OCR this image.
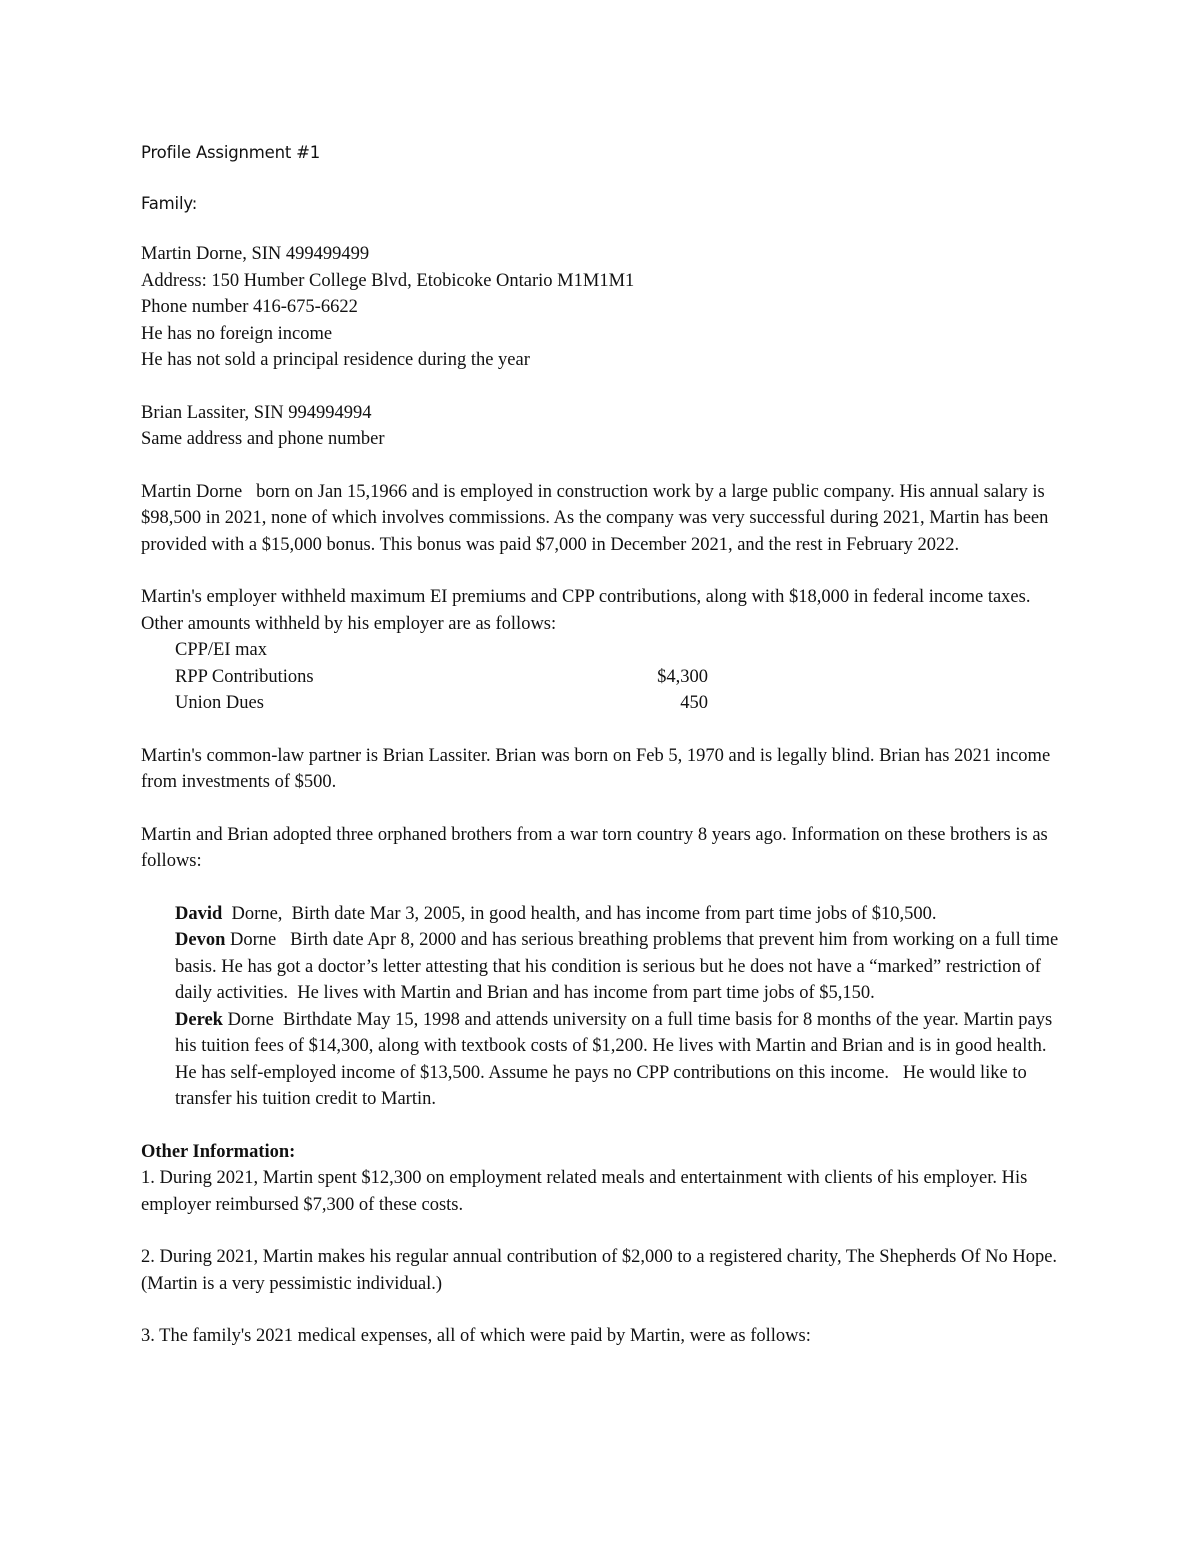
Profile Assignment #1
Family:
Martin Dorne, SIN 499499499
Address: 150 Humber College Blvd, Etobicoke Ontario M1M1M1
Phone number 416-675-6622
He has no foreign income
He has not sold a principal residence during the year
Brian Lassiter, SIN 994994994
Same address and phone number

Martin Dorne   born on Jan 15,1966 and is employed in construction work by a large public company. His annual salary is $98,500 in 2021, none of which involves commissions. As the company was very successful during 2021, Martin has been provided with a $15,000 bonus. This bonus was paid $7,000 in December 2021, and the rest in February 2022.

Martin's employer withheld maximum EI premiums and CPP contributions, along with $18,000 in federal income taxes. Other amounts withheld by his employer are as follows:

CPP/EI max
RPP Contributions	$4,300
Union Dues	450

Martin's common-law partner is Brian Lassiter. Brian was born on Feb 5, 1970 and is legally blind. Brian has 2021 income from investments of $500.

Martin and Brian adopted three orphaned brothers from a war torn country 8 years ago. Information on these brothers is as follows:

David  Dorne,  Birth date Mar 3, 2005, in good health, and has income from part time jobs of $10,500.

Devon Dorne   Birth date Apr 8, 2000 and has serious breathing problems that prevent him from working on a full time basis. He has got a doctor’s letter attesting that his condition is serious but he does not have a “marked” restriction of daily activities.  He lives with Martin and Brian and has income from part time jobs of $5,150.

Derek Dorne  Birthdate May 15, 1998 and attends university on a full time basis for 8 months of the year. Martin pays his tuition fees of $14,300, along with textbook costs of $1,200. He lives with Martin and Brian and is in good health. He has self-employed income of $13,500. Assume he pays no CPP contributions on this income.   He would like to transfer his tuition credit to Martin.

Other Information:

1. During 2021, Martin spent $12,300 on employment related meals and entertainment with clients of his employer. His employer reimbursed $7,300 of these costs.

2. During 2021, Martin makes his regular annual contribution of $2,000 to a registered charity, The Shepherds Of No Hope. (Martin is a very pessimistic individual.)

3. The family's 2021 medical expenses, all of which were paid by Martin, were as follows:
